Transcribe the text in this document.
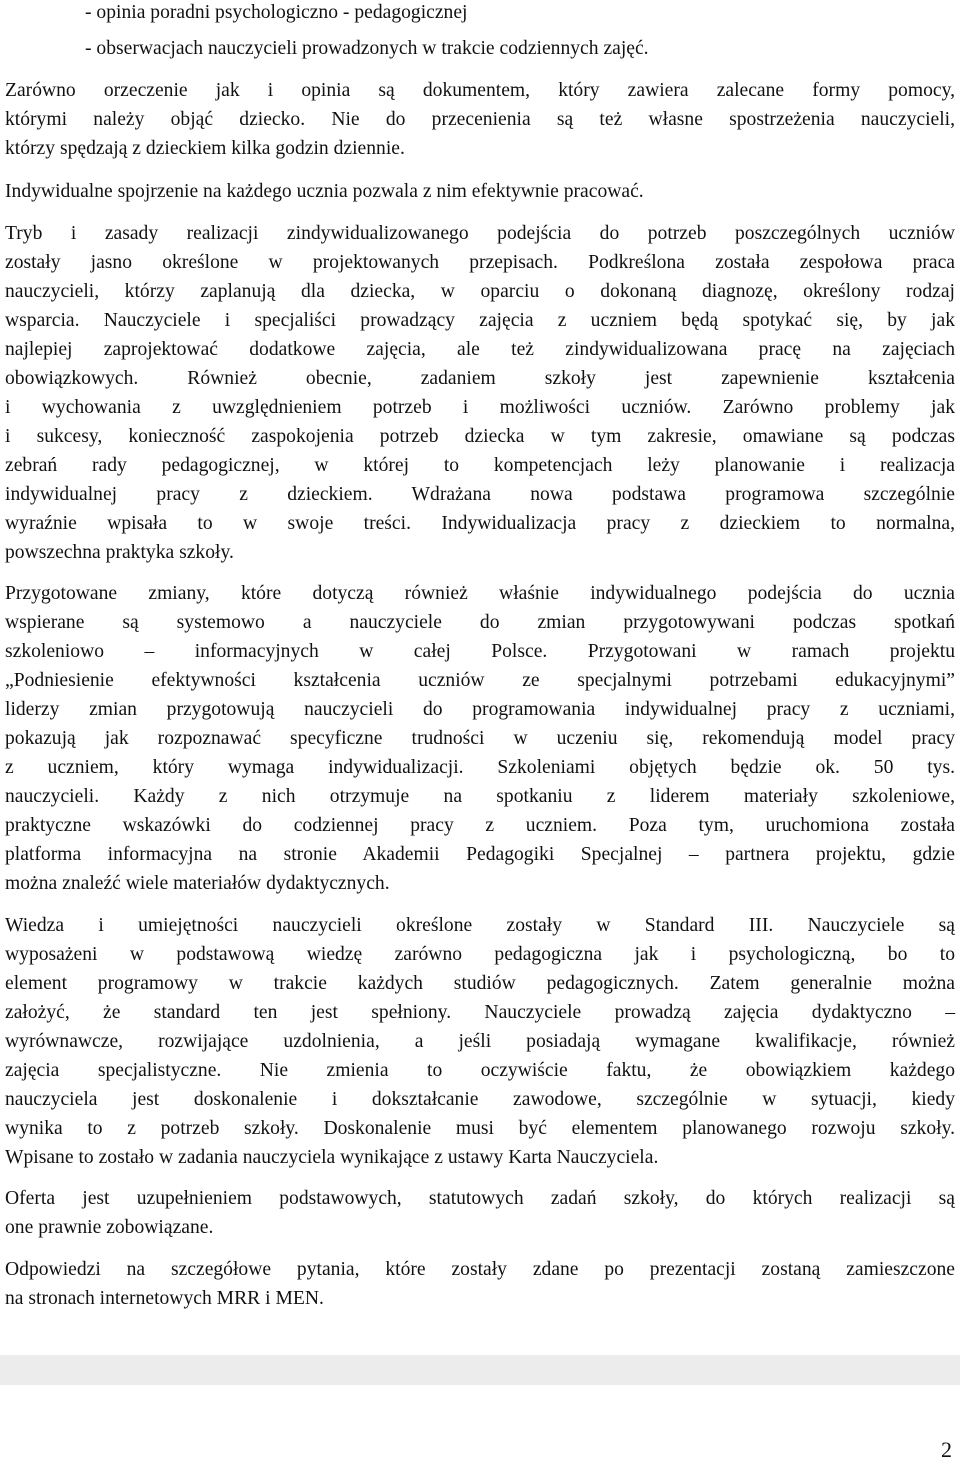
- opinia poradni psychologiczno - pedagogicznej
- obserwacjach nauczycieli prowadzonych w trakcie codziennych zajęć.
Zarówno orzeczenie jak i opinia są dokumentem, który zawiera zalecane formy pomocy,
którymi należy objąć dziecko. Nie do przecenienia są też własne spostrzeżenia nauczycieli,
którzy spędzają z dzieckiem kilka godzin dziennie.
Indywidualne spojrzenie na każdego ucznia pozwala z nim efektywnie pracować.
Tryb i zasady realizacji zindywidualizowanego podejścia do potrzeb poszczególnych uczniów
zostały jasno określone w projektowanych przepisach. Podkreślona została zespołowa praca
nauczycieli, którzy zaplanują dla dziecka, w oparciu o dokonaną diagnozę, określony rodzaj
wsparcia. Nauczyciele i specjaliści prowadzący zajęcia z uczniem będą spotykać się, by jak
najlepiej zaprojektować dodatkowe zajęcia, ale też zindywidualizowana pracę na zajęciach
obowiązkowych. Również obecnie, zadaniem szkoły jest zapewnienie kształcenia
i wychowania z uwzględnieniem potrzeb i możliwości uczniów. Zarówno problemy jak
i sukcesy, konieczność zaspokojenia potrzeb dziecka w tym zakresie, omawiane są podczas
zebrań rady pedagogicznej, w której to kompetencjach leży planowanie i realizacja
indywidualnej pracy z dzieckiem. Wdrażana nowa podstawa programowa szczególnie
wyraźnie wpisała to w swoje treści. Indywidualizacja pracy z dzieckiem to normalna,
powszechna praktyka szkoły.
Przygotowane zmiany, które dotyczą również właśnie indywidualnego podejścia do ucznia
wspierane są systemowo a nauczyciele do zmian przygotowywani podczas spotkań
szkoleniowo – informacyjnych w całej Polsce. Przygotowani w ramach projektu
„Podniesienie efektywności kształcenia uczniów ze specjalnymi potrzebami edukacyjnymi”
liderzy zmian przygotowują nauczycieli do programowania indywidualnej pracy z uczniami,
pokazują jak rozpoznawać specyficzne trudności w uczeniu się, rekomendują model pracy
z uczniem, który wymaga indywidualizacji. Szkoleniami objętych będzie ok. 50 tys.
nauczycieli. Każdy z nich otrzymuje na spotkaniu z liderem materiały szkoleniowe,
praktyczne wskazówki do codziennej pracy z uczniem. Poza tym, uruchomiona została
platforma informacyjna na stronie Akademii Pedagogiki Specjalnej – partnera projektu, gdzie
można znaleźć wiele materiałów dydaktycznych.
Wiedza i umiejętności nauczycieli określone zostały w Standard III. Nauczyciele są
wyposażeni w podstawową wiedzę zarówno pedagogiczna jak i psychologiczną, bo to
element programowy w trakcie każdych studiów pedagogicznych. Zatem generalnie można
założyć, że standard ten jest spełniony. Nauczyciele prowadzą zajęcia dydaktyczno –
wyrównawcze, rozwijające uzdolnienia, a jeśli posiadają wymagane kwalifikacje, również
zajęcia specjalistyczne. Nie zmienia to oczywiście faktu, że obowiązkiem każdego
nauczyciela jest doskonalenie i dokształcanie zawodowe, szczególnie w sytuacji, kiedy
wynika to z potrzeb szkoły. Doskonalenie musi być elementem planowanego rozwoju szkoły.
Wpisane to zostało w zadania nauczyciela wynikające z ustawy Karta Nauczyciela.
Oferta jest uzupełnieniem podstawowych, statutowych zadań szkoły, do których realizacji są
one prawnie zobowiązane.
Odpowiedzi na szczegółowe pytania, które zostały zdane po prezentacji zostaną zamieszczone
na stronach internetowych MRR i MEN.
2
